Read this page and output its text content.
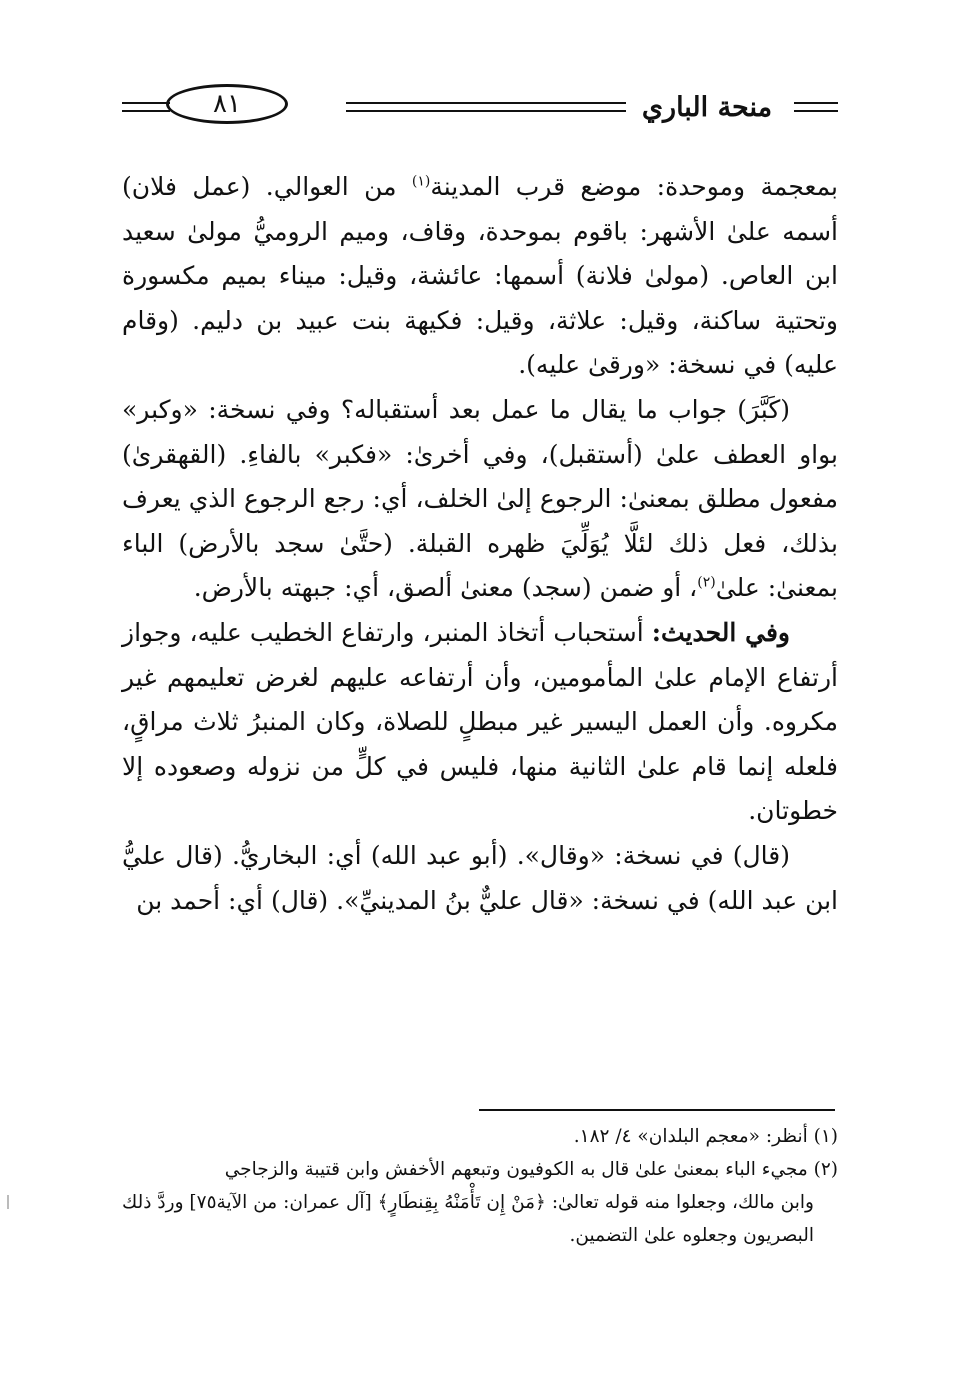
منحة الباري
٨١

بمعجمة وموحدة: موضع قرب المدينة$^{(١)}$ من العوالي. (عمل فلان) أسمه علىٰ الأشهر: باقوم بموحدة، وقاف، وميم الروميُّ مولىٰ سعيد ابن العاص. (مولىٰ فلانة) أسمها: عائشة، وقيل: ميناء بميم مكسورة وتحتية ساكنة، وقيل: علاثة، وقيل: فكيهة بنت عبيد بن دليم. (وقام عليه) في نسخة: «ورقىٰ عليه).

(كَبَّرَ) جواب ما يقال ما عمل بعد أستقباله؟ وفي نسخة: «وكبر» بواو العطف علىٰ (أستقبل)، وفي أخرىٰ: «فكبر» بالفاءِ. (القهقرىٰ) مفعول مطلق بمعنىٰ: الرجوع إلىٰ الخلف، أي: رجع الرجوع الذي يعرف بذلك، فعل ذلك لئلَّا يُوَلِّيَ ظهره القبلة. (حتَّىٰ سجد بالأرض) الباء بمعنىٰ: علىٰ$^{(٢)}$، أو ضمن (سجد) معنىٰ ألصق، أي: جبهته بالأرض.

وفي الحديث: أستحباب أتخاذ المنبر، وارتفاع الخطيب عليه، وجواز أرتفاع الإمام علىٰ المأمومين، وأن أرتفاعه عليهم لغرض تعليمهم غير مكروه. وأن العمل اليسير غير مبطلٍ للصلاة، وكان المنبرُ ثلاث مراقٍ، فلعله إنما قام علىٰ الثانية منها، فليس في كلٍّ من نزوله وصعوده إلا خطوتان.

(قال) في نسخة: «وقال». (أبو عبد الله) أي: البخاريُّ. (قال عليُّ ابن عبد الله) في نسخة: «قال عليٌّ بنُ المدينيِّ». (قال) أي: أحمد بن

(١) أنظر: «معجم البلدان» ٤/ ١٨٢.

(٢) مجيء الباء بمعنىٰ علىٰ قال به الكوفيون وتبعهم الأخفش وابن قتيبة والزجاجي

وابن مالك، وجعلوا منه قوله تعالىٰ: ﴿مَنْ إِن تَأْمَنْهُ بِقِنطَارٍ﴾ [آل عمران: من الآية٧٥] وردَّ ذلك البصريون وجعلوه علىٰ التضمين.
